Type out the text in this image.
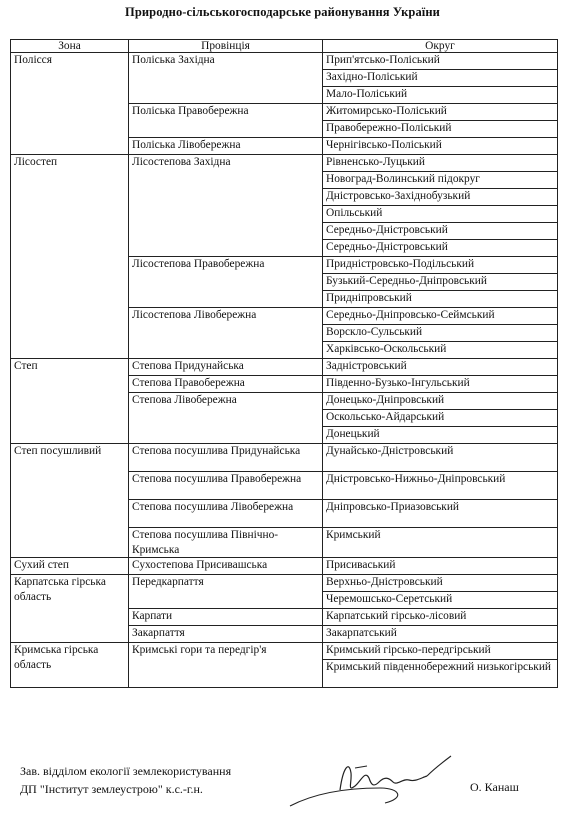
Природно-сільськогосподарське районування України
Зона	Провінція	Округ
Полісся	Поліська Західна	Прип'ятсько-Поліський
		Західно-Поліський
		Мало-Поліський
	Поліська Правобережна	Житомирсько-Поліський
		Правобережно-Поліський
	Поліська Лівобережна	Чернігівсько-Поліський
Лісостеп	Лісостепова Західна	Рівненсько-Луцький
		Новоград-Волинський підокруг
		Дністровсько-Західнобузький
		Опільський
		Середньо-Дністровський
		Середньо-Дністровський
	Лісостепова Правобережна	Придністровсько-Подільський
		Бузький-Середньо-Дніпровський
		Придніпровський
	Лісостепова Лівобережна	Середньо-Дніпровсько-Сеймський
		Ворскло-Сульський
		Харківсько-Оскольський
Степ	Степова Придунайська	Задністровський
	Степова Правобережна	Південно-Бузько-Інгульський
	Степова Лівобережна	Донецько-Дніпровський
		Оскольсько-Айдарський
		Донецький
Степ посушливий	Степова посушлива Придунайська	Дунайсько-Дністровський
	Степова посушлива Правобережна	Дністровсько-Нижньо-Дніпровський
	Степова посушлива Лівобережна	Дніпровсько-Приазовський
	Степова посушлива Північно-Кримська	Кримський
Сухий степ	Сухостепова Присивашська	Присиваський
Карпатська гірська область	Передкарпаття	Верхньо-Дністровський
		Черемошсько-Серетський
	Карпати	Карпатський гірсько-лісовий
	Закарпаття	Закарпатський
Кримська гірська область	Кримські гори та передгір'я	Кримський гірсько-передгірський
		Кримський південнобережний низькогірський
Зав. відділом екології землекористування
ДП "Інститут землеустрою" к.с.-г.н.	О. Канаш
